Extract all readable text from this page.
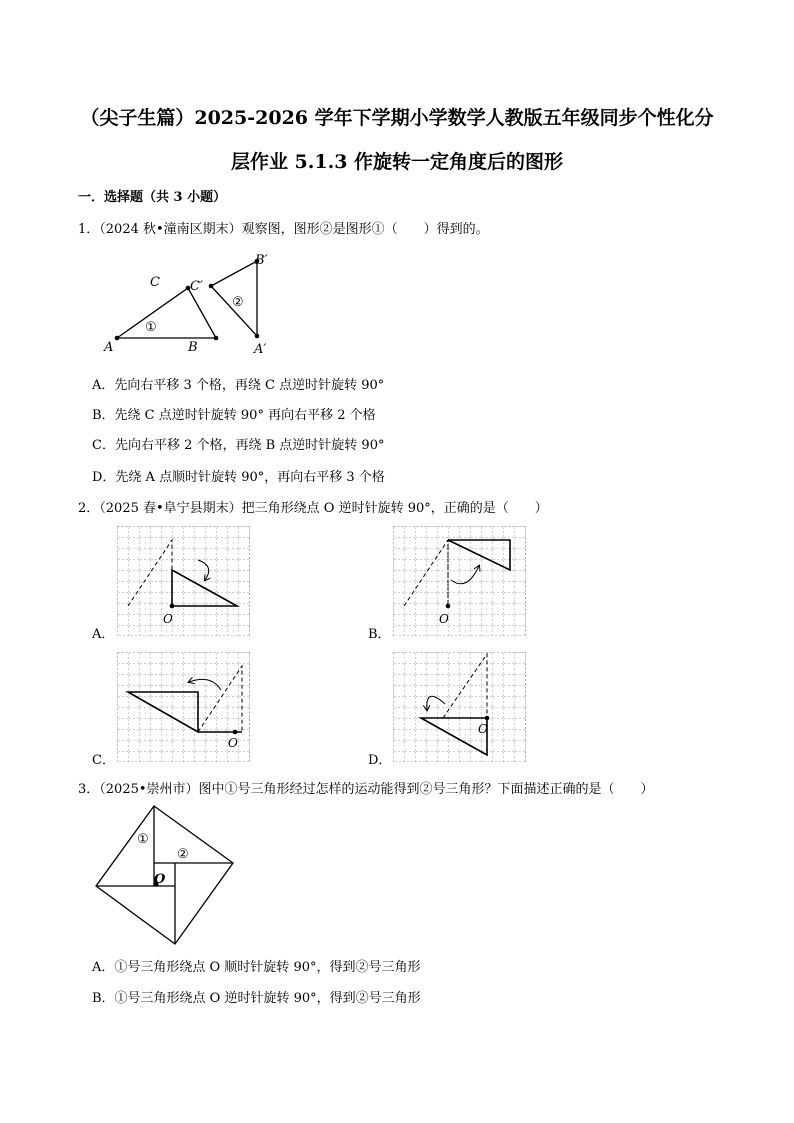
（尖子生篇）2025-2026 学年下学期小学数学人教版五年级同步个性化分
层作业 5.1.3 作旋转一定角度后的图形
一．选择题（共 3 小题）
1．（2024 秋•潼南区期末）观察图，图形②是图形①（　　）得到的。
A	B
C
①
C′
B′
A′
②
A．先向右平移 3 个格，再绕 C 点逆时针旋转 90°
B．先绕 C 点逆时针旋转 90° 再向右平移 2 个格
C．先向右平移 2 个格，再绕 B 点逆时针旋转 90°
D．先绕 A 点顺时针旋转 90°，再向右平移 3 个格
2．（2025 春•阜宁县期末）把三角形绕点 O 逆时针旋转 90°，正确的是（　　）
O
A．
O
B．
O
C．
O
D．
3．（2025•崇州市）图中①号三角形经过怎样的运动能得到②号三角形？下面描述正确的是（　　）
①
②
O
A．①号三角形绕点 O 顺时针旋转 90°，得到②号三角形
B．①号三角形绕点 O 逆时针旋转 90°，得到②号三角形
